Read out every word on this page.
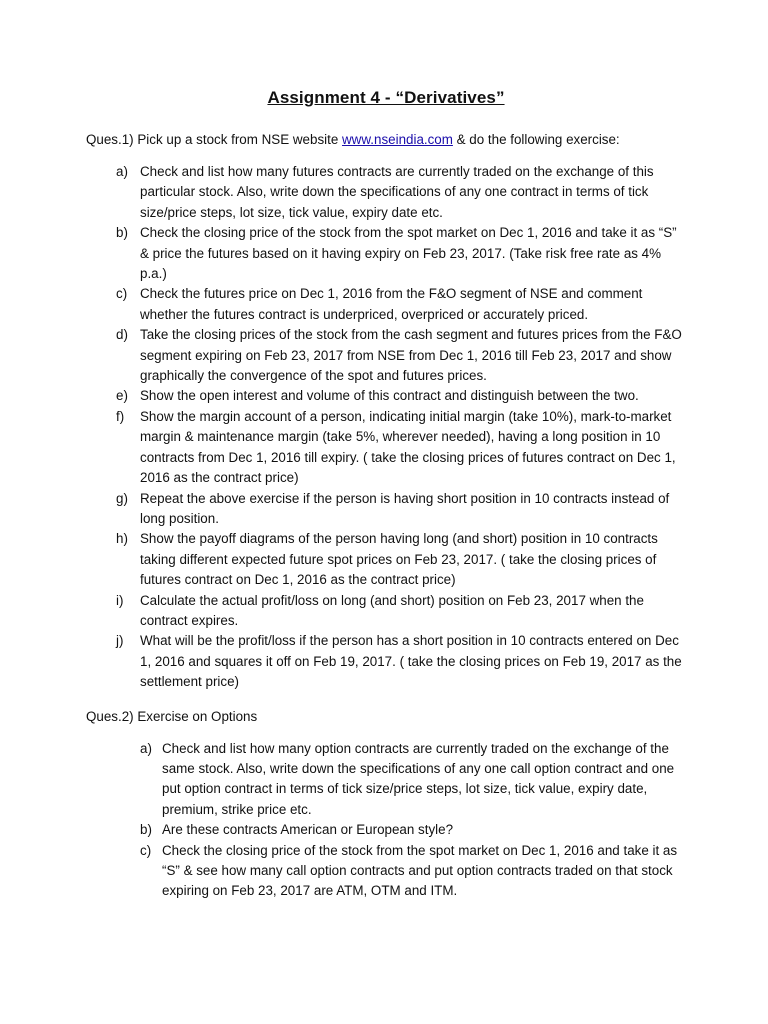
Assignment 4 - “Derivatives”
Ques.1) Pick up a stock from NSE website www.nseindia.com & do the following exercise:
a) Check and list how many futures contracts are currently traded on the exchange of this particular stock. Also, write down the specifications of any one contract in terms of tick size/price steps, lot size, tick value, expiry date etc.
b) Check the closing price of the stock from the spot market on Dec 1, 2016 and take it as “S” & price the futures based on it having expiry on Feb 23, 2017. (Take risk free rate as 4% p.a.)
c) Check the futures price on Dec 1, 2016 from the F&O segment of NSE and comment whether the futures contract is underpriced, overpriced or accurately priced.
d) Take the closing prices of the stock from the cash segment and futures prices from the F&O segment expiring on Feb 23, 2017 from NSE from Dec 1, 2016 till Feb 23, 2017 and show graphically the convergence of the spot and futures prices.
e) Show the open interest and volume of this contract and distinguish between the two.
f)	Show the margin account of a person, indicating initial margin (take 10%), mark-to-market margin & maintenance margin (take 5%, wherever needed), having a long position in 10 contracts from Dec 1, 2016 till expiry. ( take the closing prices of futures contract on Dec 1, 2016 as the contract price)
g) Repeat the above exercise if the person is having short position in 10 contracts instead of long position.
h) Show the payoff diagrams of the person having long (and short) position in 10 contracts taking different expected future spot prices on Feb 23, 2017. ( take the closing prices of futures contract on Dec 1, 2016 as the contract price)
i)	Calculate the actual profit/loss on long (and short) position on Feb 23, 2017 when the contract expires.
j)	What will be the profit/loss if the person has a short position in 10 contracts entered on Dec 1, 2016 and squares it off on Feb 19, 2017. ( take the closing prices on Feb 19, 2017 as the settlement price)
Ques.2) Exercise on Options
a) Check and list how many option contracts are currently traded on the exchange of the same stock. Also, write down the specifications of any one call option contract and one put option contract in terms of tick size/price steps, lot size, tick value, expiry date, premium, strike price etc.
b) Are these contracts American or European style?
c) Check the closing price of the stock from the spot market on Dec 1, 2016 and take it as “S” & see how many call option contracts and put option contracts traded on that stock expiring on Feb 23, 2017 are ATM, OTM and ITM.
